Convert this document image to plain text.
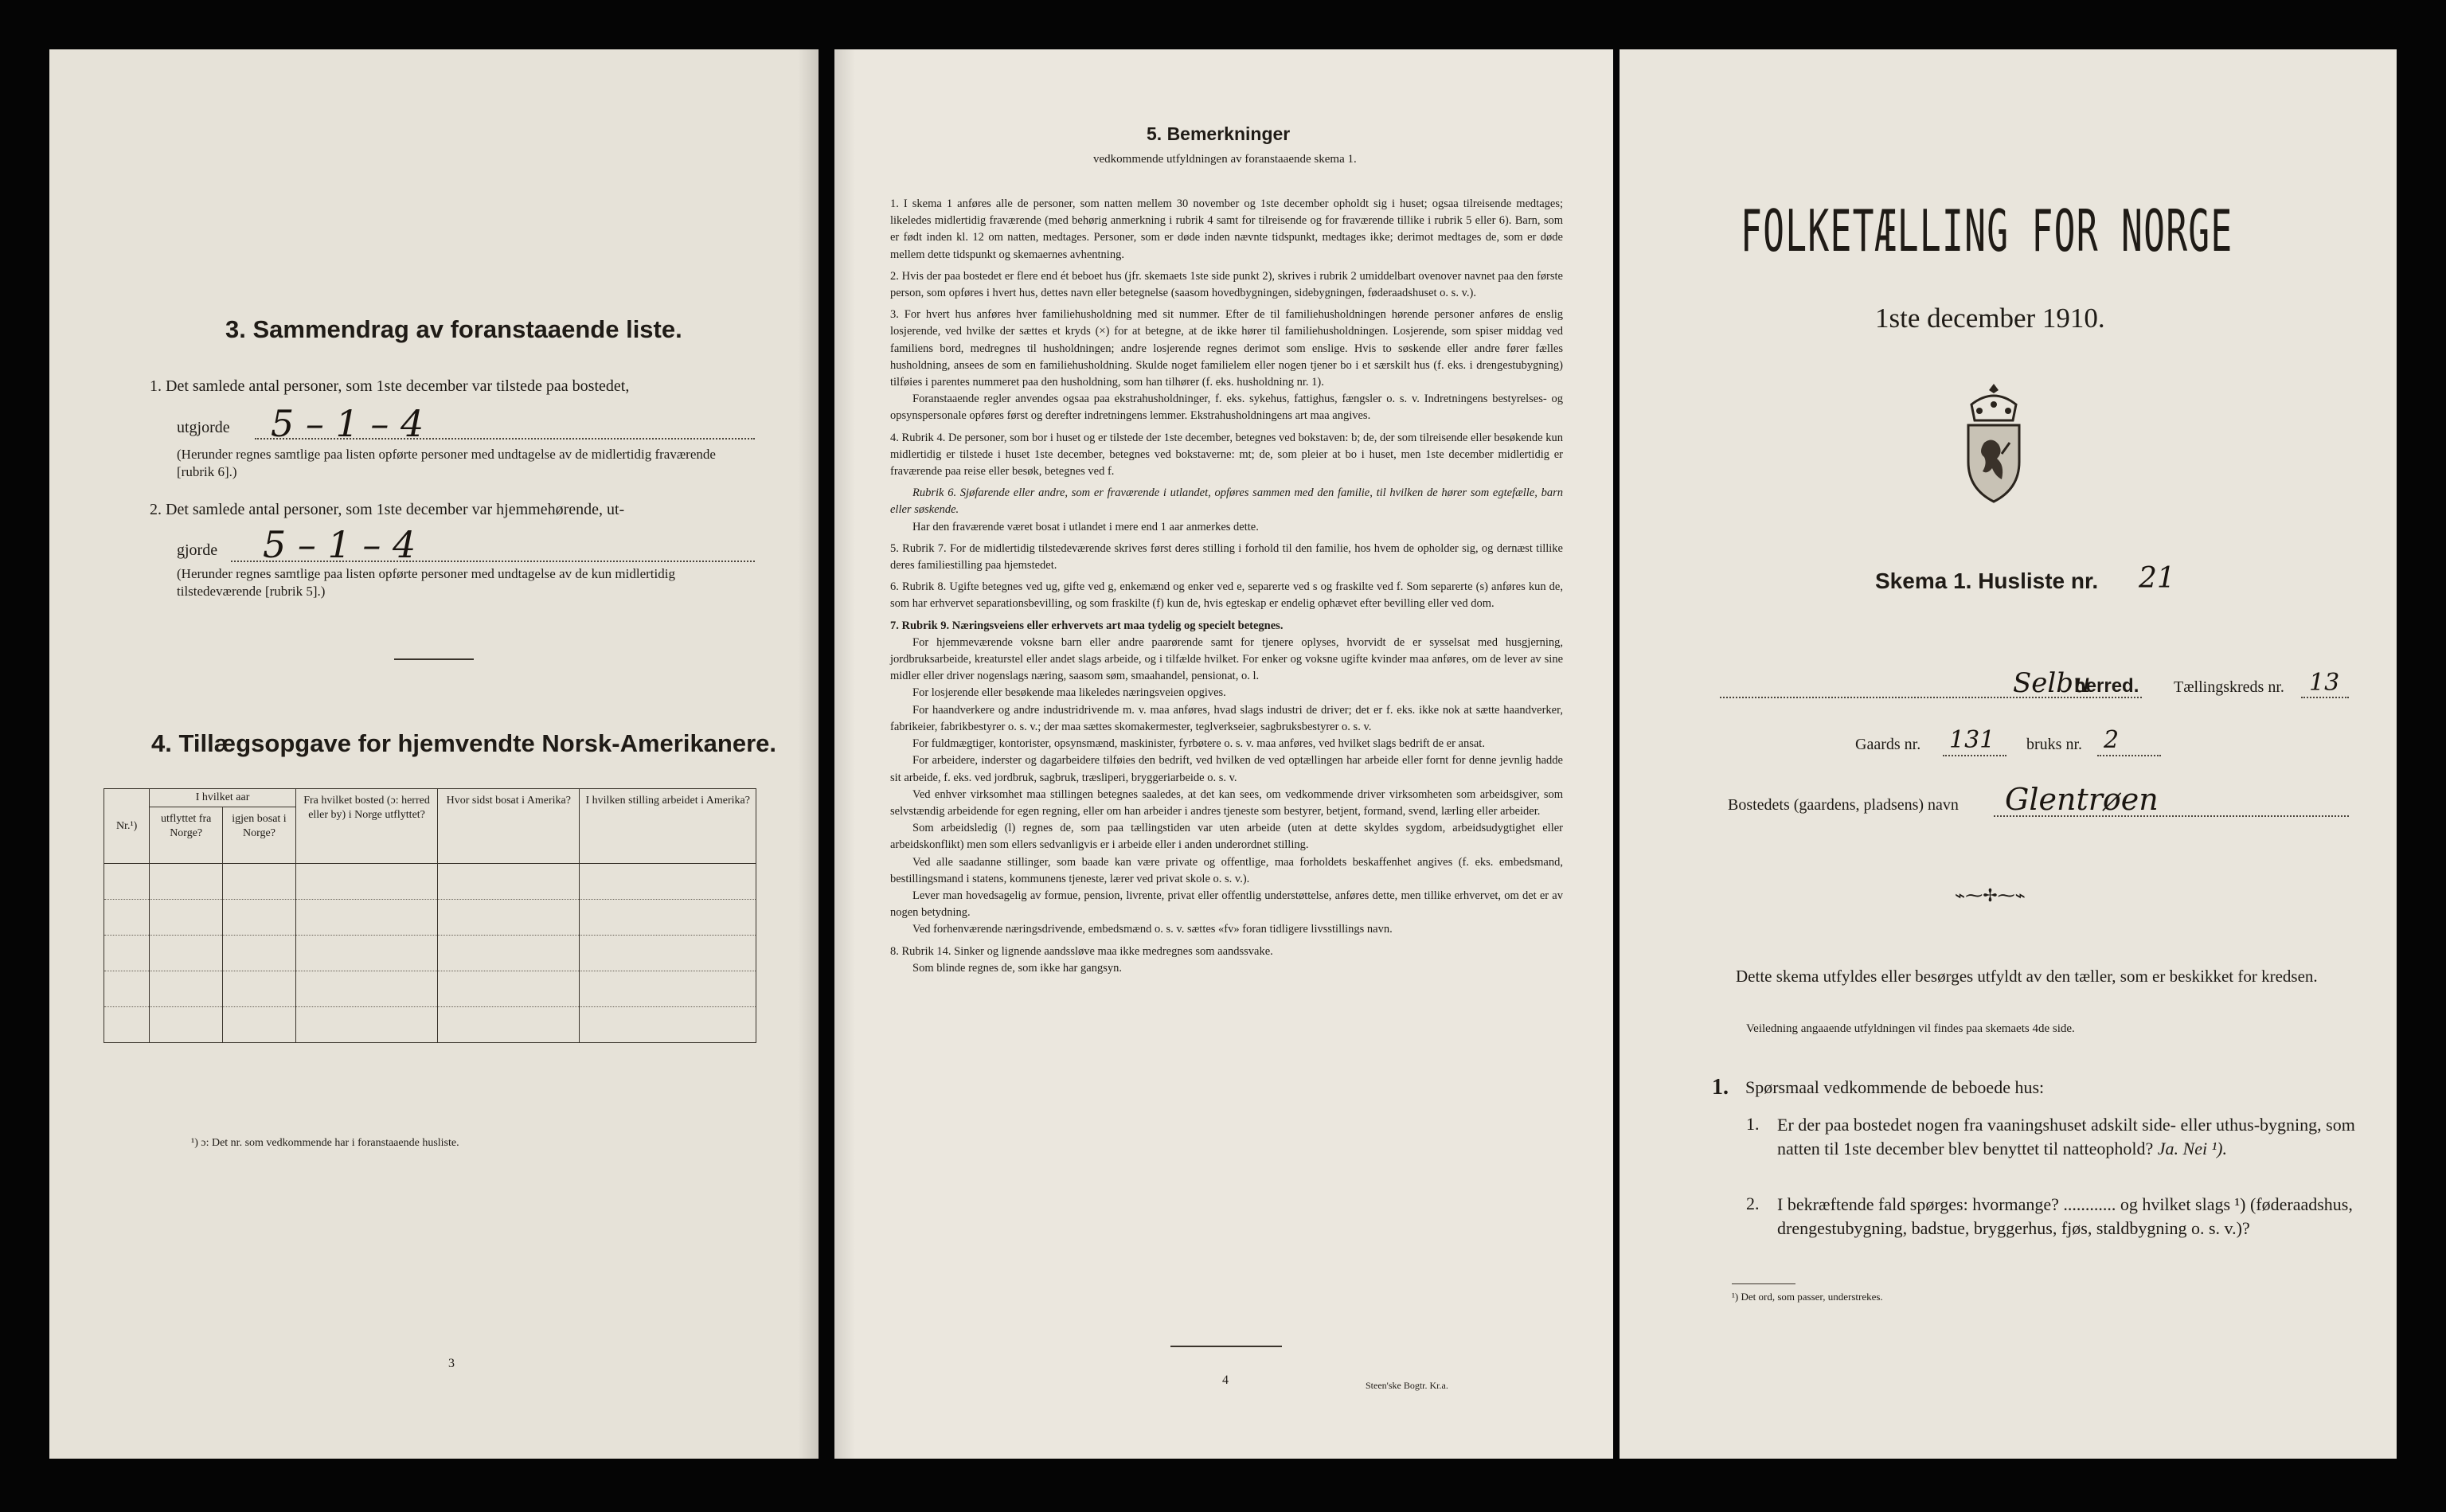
3. Sammendrag av foranstaaende liste.
1. Det samlede antal personer, som 1ste december var tilstede paa bostedet,
utgjorde 5 – 1 – 4
(Herunder regnes samtlige paa listen opførte personer med undtagelse av de midlertidig fraværende [rubrik 6].)
2. Det samlede antal personer, som 1ste december var hjemmehørende, ut-
gjorde 5 – 1 – 4
(Herunder regnes samtlige paa listen opførte personer med undtagelse av de kun midlertidig tilstedeværende [rubrik 5].)
4. Tillægsopgave for hjemvendte Norsk-Amerikanere.
Nr.¹)	I hvilket aar		Fra hvilket bosted (ɔ: herred eller by) i Norge utflyttet?	Hvor sidst bosat i Amerika?	I hvilken stilling arbeidet i Amerika?
	utflyttet fra Norge?	igjen bosat i Norge?			

¹) ɔ: Det nr. som vedkommende har i foranstaaende husliste.
3
5. Bemerkninger
vedkommende utfyldningen av foranstaaende skema 1.

1. I skema 1 anføres alle de personer, som natten mellem 30 november og 1ste december opholdt sig i huset; ogsaa tilreisende medtages; likeledes midlertidig fraværende (med behørig anmerkning i rubrik 4 samt for tilreisende og for fraværende tillike i rubrik 5 eller 6). Barn, som er født inden kl. 12 om natten, medtages. Personer, som er døde inden nævnte tidspunkt, medtages ikke; derimot medtages de, som er døde mellem dette tidspunkt og skemaernes avhentning.

2. Hvis der paa bostedet er flere end ét beboet hus (jfr. skemaets 1ste side punkt 2), skrives i rubrik 2 umiddelbart ovenover navnet paa den første person, som opføres i hvert hus, dettes navn eller betegnelse (saasom hovedbygningen, sidebygningen, føderaadshuset o. s. v.).

3. For hvert hus anføres hver familiehusholdning med sit nummer. Efter de til familiehusholdningen hørende personer anføres de enslig losjerende, ved hvilke der sættes et kryds (×) for at betegne, at de ikke hører til familiehusholdningen. Losjerende, som spiser middag ved familiens bord, medregnes til husholdningen; andre losjerende regnes derimot som enslige. Hvis to søskende eller andre fører fælles husholdning, ansees de som en familiehusholdning. Skulde noget familielem eller nogen tjener bo i et særskilt hus (f. eks. i drengestubygning) tilføies i parentes nummeret paa den husholdning, som han tilhører (f. eks. husholdning nr. 1).

Foranstaaende regler anvendes ogsaa paa ekstrahusholdninger, f. eks. sykehus, fattighus, fængsler o. s. v. Indretningens bestyrelses- og opsynspersonale opføres først og derefter indretningens lemmer. Ekstrahusholdningens art maa angives.

4. Rubrik 4. De personer, som bor i huset og er tilstede der 1ste december, betegnes ved bokstaven: b; de, der som tilreisende eller besøkende kun midlertidig er tilstede i huset 1ste december, betegnes ved bokstaverne: mt; de, som pleier at bo i huset, men 1ste december midlertidig er fraværende paa reise eller besøk, betegnes ved f.

Rubrik 6. Sjøfarende eller andre, som er fraværende i utlandet, opføres sammen med den familie, til hvilken de hører som egtefælle, barn eller søskende.

Har den fraværende været bosat i utlandet i mere end 1 aar anmerkes dette.

5. Rubrik 7. For de midlertidig tilstedeværende skrives først deres stilling i forhold til den familie, hos hvem de opholder sig, og dernæst tillike deres familiestilling paa hjemstedet.

6. Rubrik 8. Ugifte betegnes ved ug, gifte ved g, enkemænd og enker ved e, separerte ved s og fraskilte ved f. Som separerte (s) anføres kun de, som har erhvervet separationsbevilling, og som fraskilte (f) kun de, hvis egteskap er endelig ophævet efter bevilling eller ved dom.

7. Rubrik 9. Næringsveiens eller erhvervets art maa tydelig og specielt betegnes.

For hjemmeværende voksne barn eller andre paarørende samt for tjenere oplyses, hvorvidt de er sysselsat med husgjerning, jordbruksarbeide, kreaturstel eller andet slags arbeide, og i tilfælde hvilket. For enker og voksne ugifte kvinder maa anføres, om de lever av sine midler eller driver nogenslags næring, saasom søm, smaahandel, pensionat, o. l.

For losjerende eller besøkende maa likeledes næringsveien opgives.

For haandverkere og andre industridrivende m. v. maa anføres, hvad slags industri de driver; det er f. eks. ikke nok at sætte haandverker, fabrikeier, fabrikbestyrer o. s. v.; der maa sættes skomakermester, teglverkseier, sagbruksbestyrer o. s. v.

For fuldmægtiger, kontorister, opsynsmænd, maskinister, fyrbøtere o. s. v. maa anføres, ved hvilket slags bedrift de er ansat.

For arbeidere, inderster og dagarbeidere tilføies den bedrift, ved hvilken de ved optællingen har arbeide eller fornt for denne jevnlig hadde sit arbeide, f. eks. ved jordbruk, sagbruk, træsliperi, bryggeriarbeide o. s. v.

Ved enhver virksomhet maa stillingen betegnes saaledes, at det kan sees, om vedkommende driver virksomheten som arbeidsgiver, som selvstændig arbeidende for egen regning, eller om han arbeider i andres tjeneste som bestyrer, betjent, formand, svend, lærling eller arbeider.

Som arbeidsledig (l) regnes de, som paa tællingstiden var uten arbeide (uten at dette skyldes sygdom, arbeidsudygtighet eller arbeidskonflikt) men som ellers sedvanligvis er i arbeide eller i anden underordnet stilling.

Ved alle saadanne stillinger, som baade kan være private og offentlige, maa forholdets beskaffenhet angives (f. eks. embedsmand, bestillingsmand i statens, kommunens tjeneste, lærer ved privat skole o. s. v.).

Lever man hovedsagelig av formue, pension, livrente, privat eller offentlig understøttelse, anføres dette, men tillike erhvervet, om det er av nogen betydning.

Ved forhenværende næringsdrivende, embedsmænd o. s. v. sættes «fv» foran tidligere livsstillings navn.

8. Rubrik 14. Sinker og lignende aandssløve maa ikke medregnes som aandssvake.

Som blinde regnes de, som ikke har gangsyn.

4	Steen'ske Bogtr. Kr.a.
FOLKETÆLLING FOR NORGE
1ste december 1910.
Skema 1. Husliste nr. 21
Selbu
herred. Tællingskreds nr. 13
Gaards nr. 131 bruks nr. 2
Bostedets (gaardens, pladsens) navn Glentrøen
⌁⁓✢⁓⌁
Dette skema utfyldes eller besørges utfyldt av den tæller, som er beskikket for kredsen.
Veiledning angaaende utfyldningen vil findes paa skemaets 4de side.
1. Spørsmaal vedkommende de beboede hus:
1. Er der paa bostedet nogen fra vaaningshuset adskilt side- eller uthus-bygning, som natten til 1ste december blev benyttet til natteophold? Ja. Nei ¹).
2. I bekræftende fald spørges: hvormange? ............ og hvilket slags ¹) (føderaadshus, drengestubygning, badstue, bryggerhus, fjøs, staldbygning o. s. v.)?
¹) Det ord, som passer, understrekes.
